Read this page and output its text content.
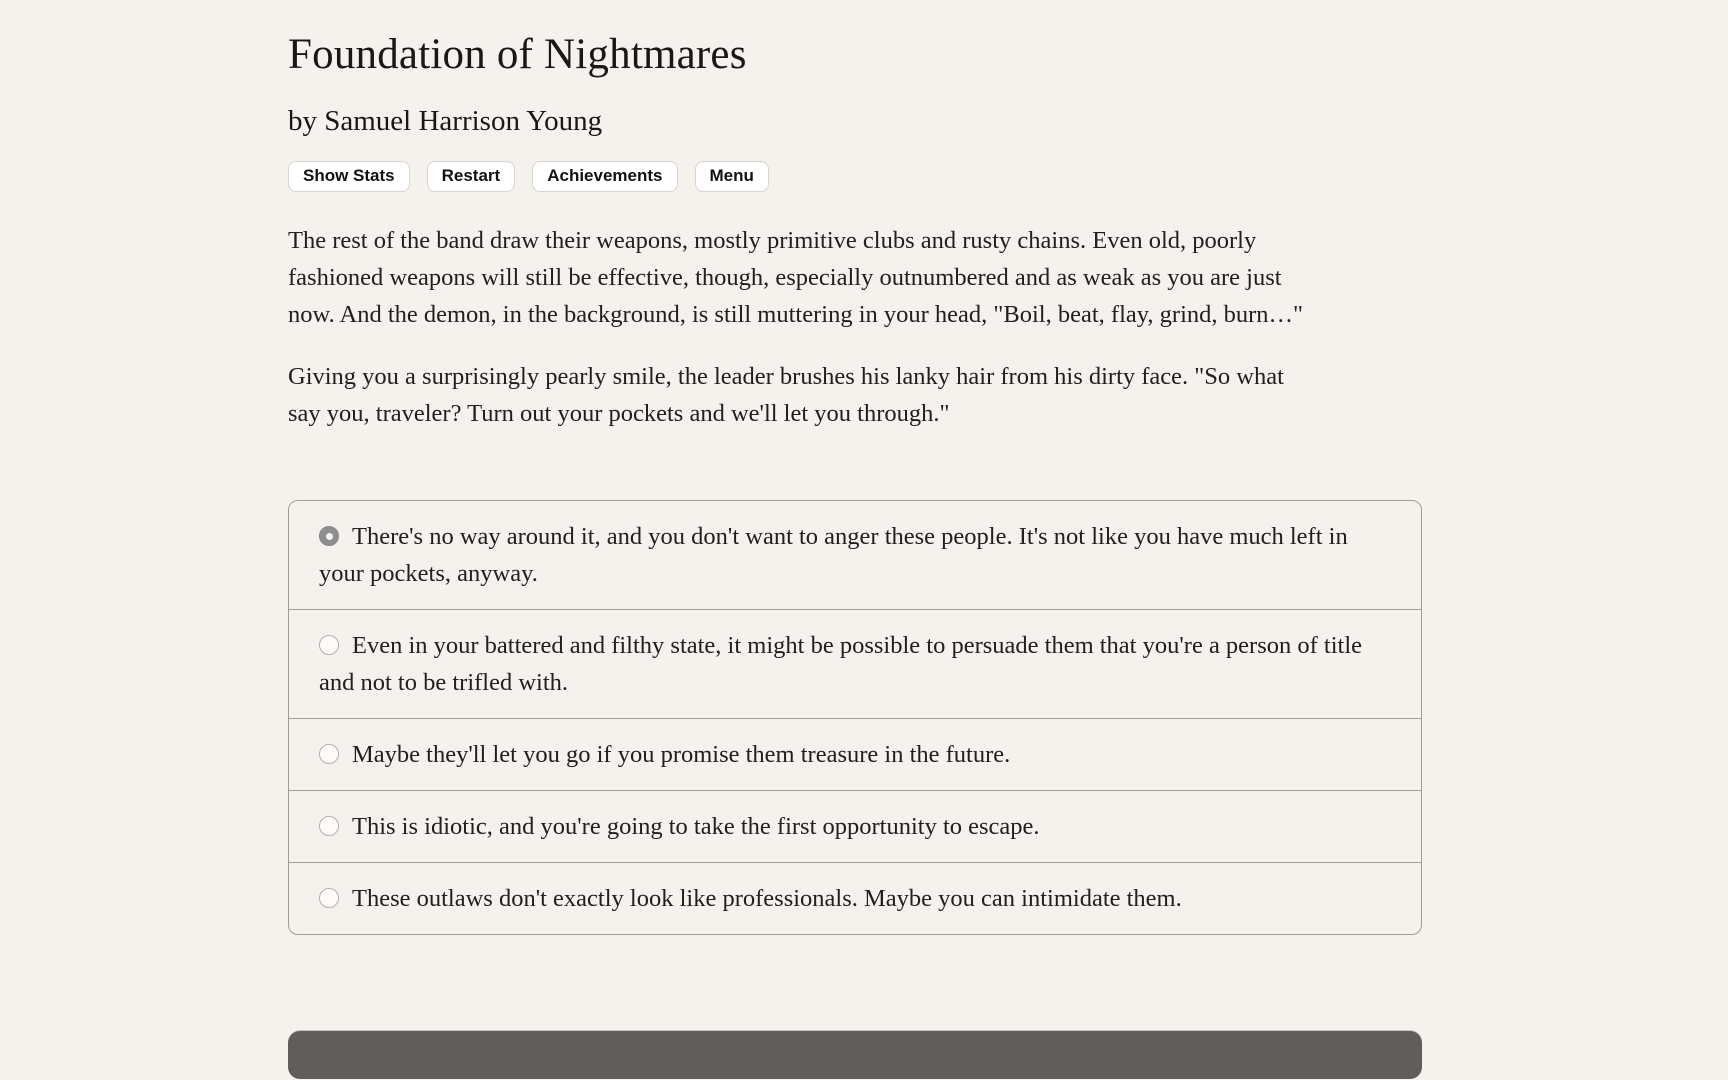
Foundation of Nightmares
by Samuel Harrison Young
Show Stats	Restart	Achievements	Menu

The rest of the band draw their weapons, mostly primitive clubs and rusty chains. Even old, poorly fashioned weapons will still be effective, though, especially outnumbered and as weak as you are just now. And the demon, in the background, is still muttering in your head, "Boil, beat, flay, grind, burn…"

Giving you a surprisingly pearly smile, the leader brushes his lanky hair from his dirty face. "So what say you, traveler? Turn out your pockets and we'll let you through."

There's no way around it, and you don't want to anger these people. It's not like you have much left in your pockets, anyway.
Even in your battered and filthy state, it might be possible to persuade them that you're a person of title and not to be trifled with.
Maybe they'll let you go if you promise them treasure in the future.
This is idiotic, and you're going to take the first opportunity to escape.
These outlaws don't exactly look like professionals. Maybe you can intimidate them.
